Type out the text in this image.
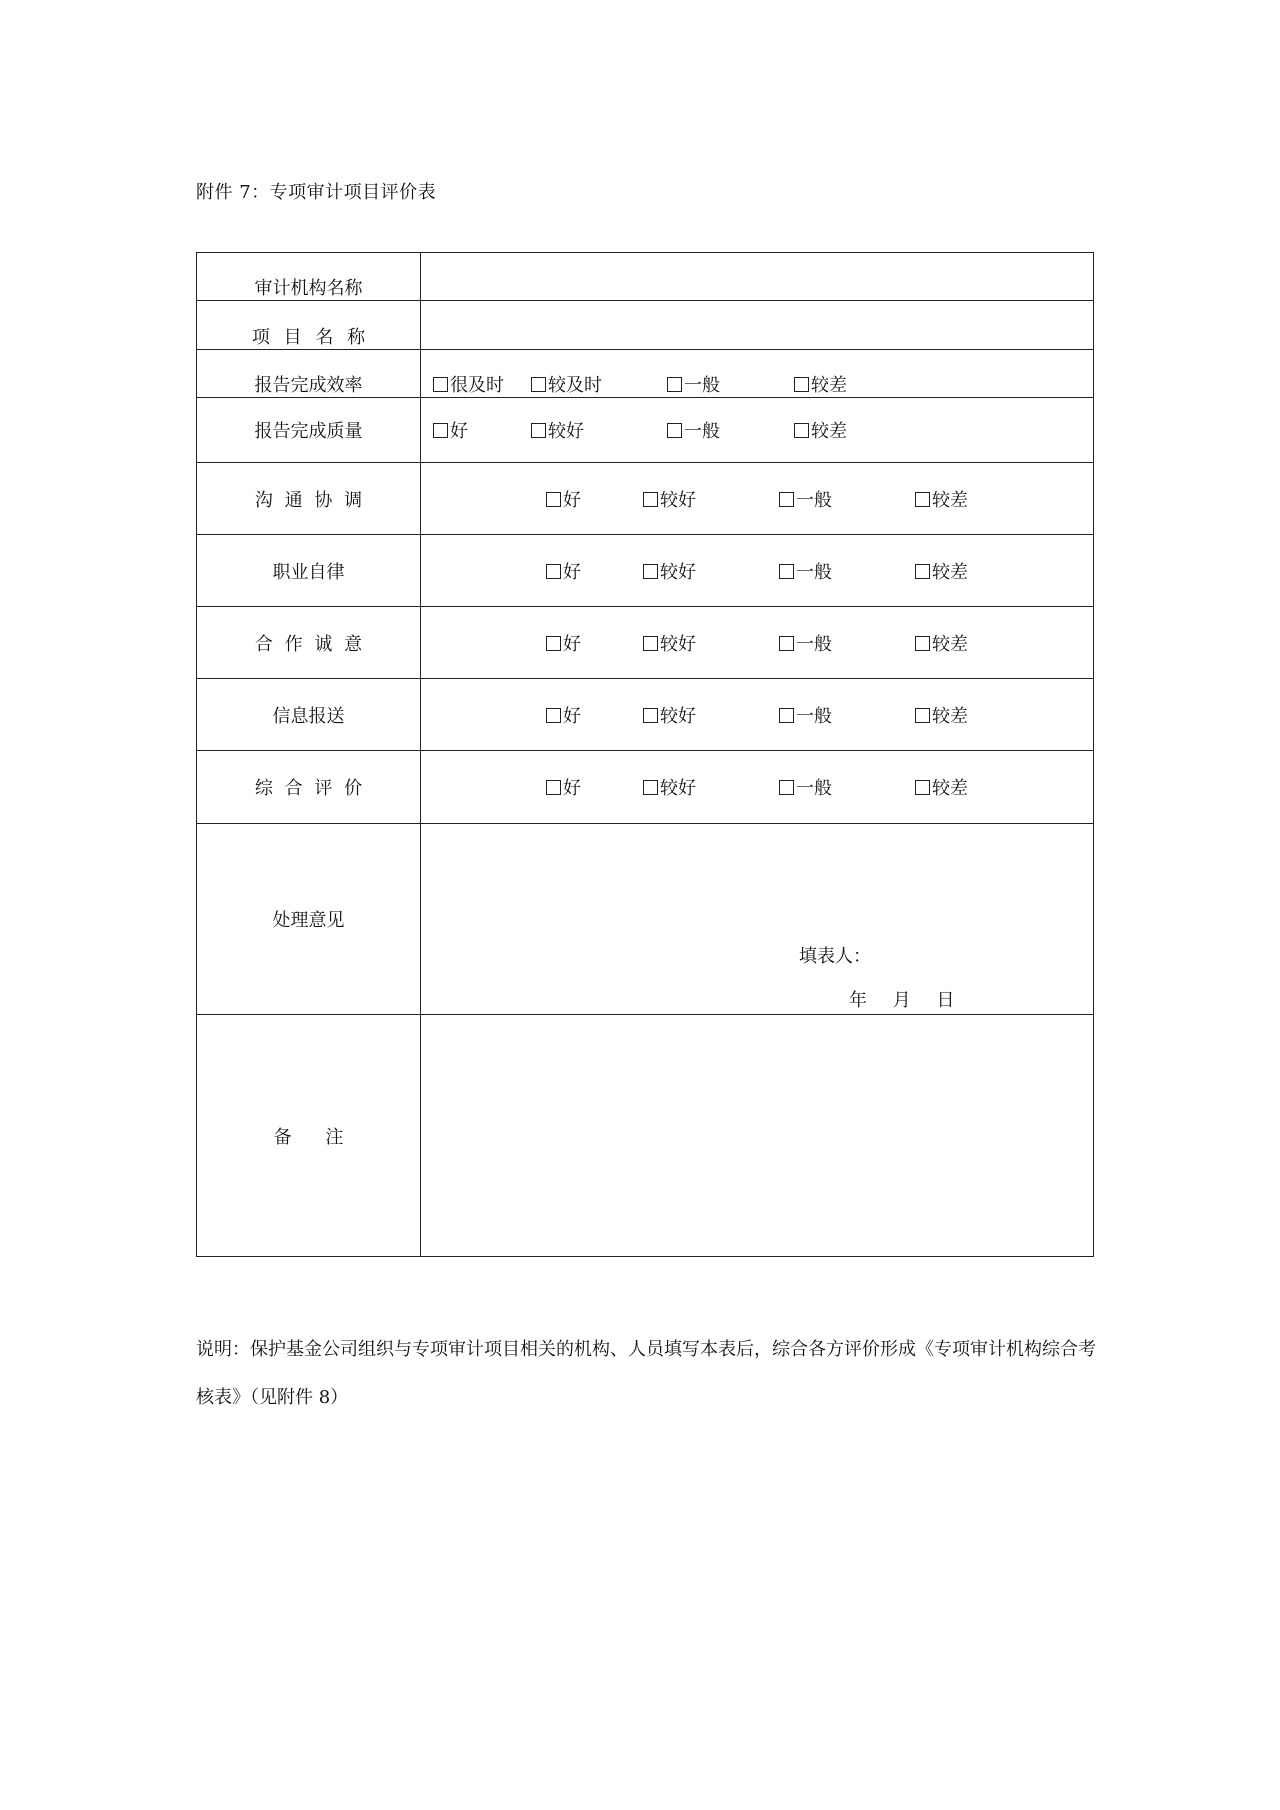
附件 7：专项审计项目评价表
审计机构名称	
项 目 名 称	
报告完成效率	很及时 较及时 一般 较差

报告完成质量	好 较好 一般 较差

沟 通 协 调	好 较好 一般 较差

职业自律	好 较好 一般 较差

合 作 诚 意	好 较好 一般 较差

信息报送	好 较好 一般 较差

综 合 评 价	好 较好 一般 较差

处理意见	填表人：
年 月 日

备 注	
说明：保护基金公司组织与专项审计项目相关的机构、人员填写本表后，综合各方评价形成《专项审计机构综合考核表》（见附件 8）
